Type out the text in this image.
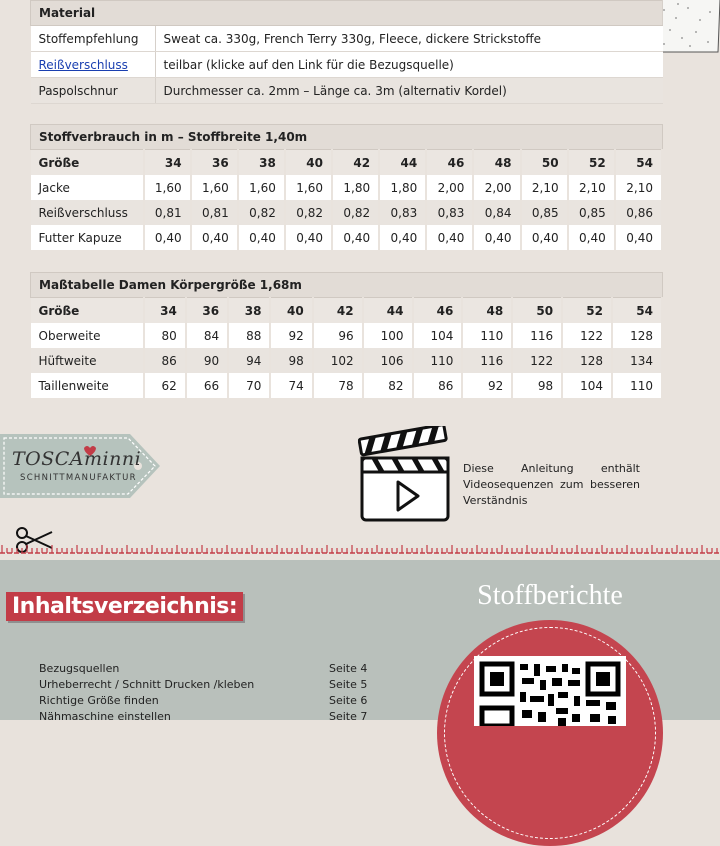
Material	
Stoffempfehlung	Sweat ca. 330g, French Terry 330g, Fleece, dickere Strickstoffe
Reißverschluss	teilbar (klicke auf den Link für die Bezugsquelle)
Paspolschnur	Durchmesser ca. 2mm – Länge ca. 3m (alternativ Kordel)
Stoffverbrauch in m – Stoffbreite 1,40m											
Größe	34	36	38	40	42	44	46	48	50	52	54
Jacke	1,60	1,60	1,60	1,60	1,80	1,80	2,00	2,00	2,10	2,10	2,10
Reißverschluss	0,81	0,81	0,82	0,82	0,82	0,83	0,83	0,84	0,85	0,85	0,86
Futter Kapuze	0,40	0,40	0,40	0,40	0,40	0,40	0,40	0,40	0,40	0,40	0,40
Maßtabelle Damen Körpergröße 1,68m											
Größe	34	36	38	40	42	44	46	48	50	52	54
Oberweite	80	84	88	92	96	100	104	110	116	122	128
Hüftweite	86	90	94	98	102	106	110	116	122	128	134
Taillenweite	62	66	70	74	78	82	86	92	98	104	110
TOSCAminni
SCHNITTMANUFAKTUR
Diese Anleitung enthält Videosequenzen zum besseren Verständnis
Inhaltsverzeichnis:
Bezugsquellen	Seite 4
Urheberrecht / Schnitt Drucken /kleben	Seite 5
Richtige Größe finden	Seite 6
Nähmaschine einstellen	Seite 7
Stoffberichte
